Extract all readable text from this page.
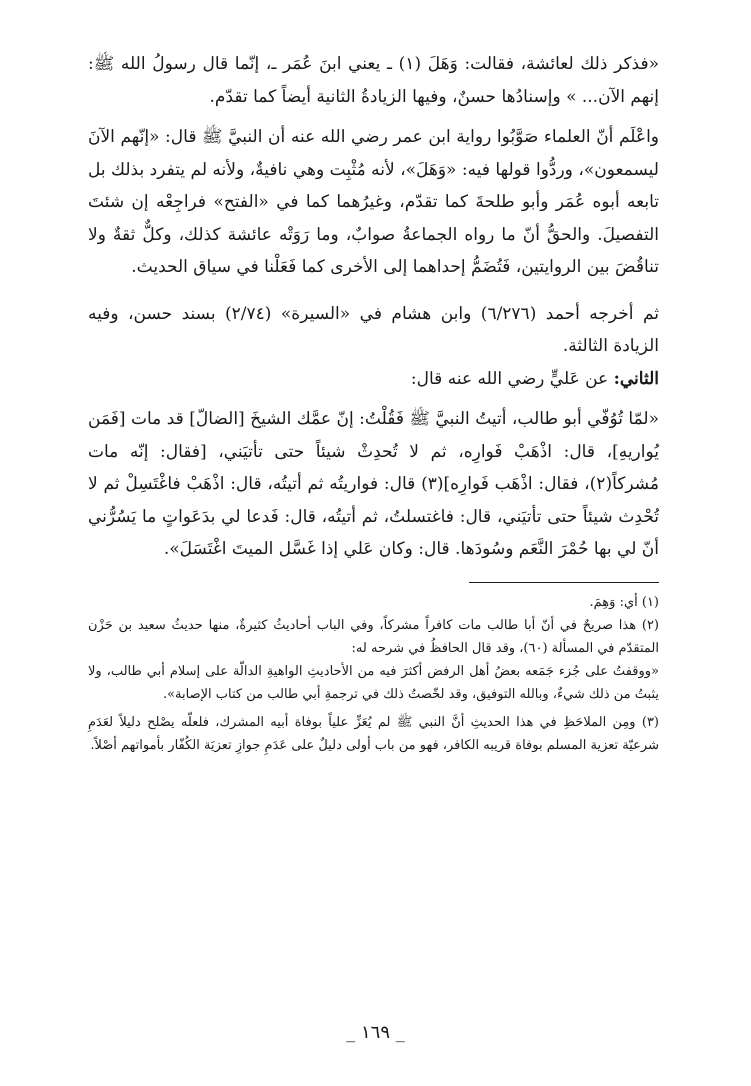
«فذكر ذلك لعائشة، فقالت: وَهَلَ (١) ـ يعني ابنَ عُمَر ـ، إنّما قال رسولُ الله ﷺ: إنهم الآن... » وإسنادُها حسنٌ، وفيها الزيادةُ الثانية أيضاً كما تقدّم.

واعْلَم أنّ العلماء صَوَّبُوا رواية ابن عمر رضي الله عنه أن النبيَّ ﷺ قال: «إنّهم الآنَ ليسمعون»، وردُّوا قولها فيه: «وَهَلَ»، لأنه مُثْبِت وهي نافيةٌ، ولأنه لم يتفرد بذلك بل تابعه أبوه عُمَر وأبو طلحةَ كما تقدّم، وغيرُهما كما في «الفتح» فراجِعْه إن شئتَ التفصيلَ. والحقُّ أنّ ما رواه الجماعةُ صوابٌ، وما رَوَتْه عائشة كذلك، وكلٌّ ثقةٌ ولا تناقُضَ بين الروايتين، فَتُضَمُّ إحداهما إلى الأخرى كما فَعَلْنا في سياق الحديث.

ثم أخرجه أحمد (٦/٢٧٦) وابن هشام في «السيرة» (٢/٧٤) بسند حسن، وفيه الزيادة الثالثة.

الثاني: عن عَليٍّ رضي الله عنه قال:

«لمّا تُوُفّي أبو طالب، أتيتُ النبيَّ ﷺ فَقُلْتُ: إنّ عمَّك الشيخَ [الضالّ] قد مات [فَمَن يُواريهِ]، قال: اذْهَبْ فَوارِه، ثم لا تُحدِثْ شيئاً حتى تأتيَني، [فقال: إنّه مات مُشركاً(٢)، فقال: اذْهَب فَوارِه](٣) قال: فواريتُه ثم أتيتُه، قال: اذْهَبْ فاغْتَسِلْ ثم لا تُحْدِث شيئاً حتى تأتيَني، قال: فاغتسلتُ، ثم أتيتُه، قال: فَدعا لي بدَعَواتٍ ما يَسُرُّني أنّ لي بها حُمْرَ النَّعَم وسُودَها. قال: وكان عَلي إذا غَسَّل الميتَ اغْتَسَلَ».

(١) أي: وَهِمَ.

(٢) هذا صريحٌ في أنّ أبا طالب مات كافراً مشركاً، وفي الباب أحاديثُ كثيرةٌ، منها حديثُ سعيد بن حَزْن المتقدّم في المسألة (٦٠)، وقد قال الحافظُ في شرحه له:

«ووقفتُ على جُزء جَمَعه بعضُ أهل الرفض أكثرَ فيه من الأحاديثِ الواهيةِ الدالّة على إسلام أبي طالب، ولا يثبتُ من ذلك شيءٌ، وبالله التوفيق، وقد لخّصتُ ذلك في ترجمةِ أبي طالب من كتاب الإصابة».

(٣) ومِن الملاحَظِ في هذا الحديثِ أنَّ النبي ﷺ لم يُعَزِّ علياً بوفاة أبيه المشرك، فلعلّه يصْلح دليلاً لعَدَمِ شرعيّة تعزية المسلم بوفاة قريبه الكافر، فهو من باب أولى دليلٌ على عَدَمِ جوازِ تعزيَة الكُفّار بأمواتهم أصْلاً.

_ ١٦٩ _
